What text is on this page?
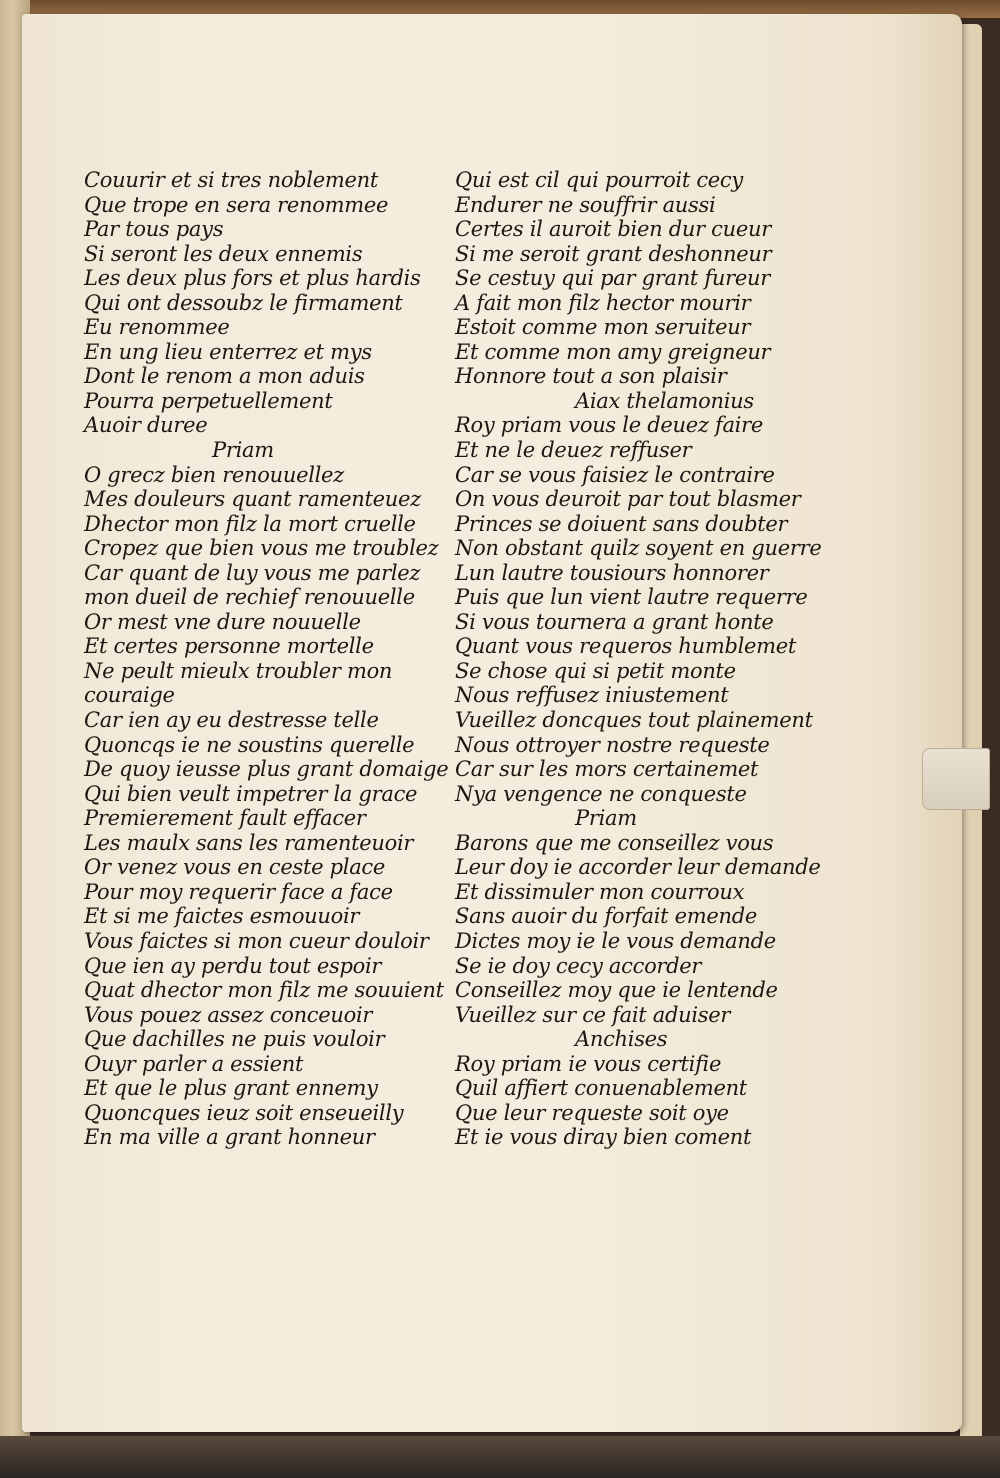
Couurir et si tres noblement
Que trope en sera renommee
Par tous pays
Si seront les deux ennemis
Les deux plus fors et plus hardis
Qui ont dessoubz le firmament
Eu renommee
En ung lieu enterrez et mys
Dont le renom a mon aduis
Pourra perpetuellement
Auoir duree
Priam
O grecz bien renouuellez
Mes douleurs quant ramenteuez
Dhector mon filz la mort cruelle
Cropez que bien vous me troublez
Car quant de luy vous me parlez
mon dueil de rechief renouuelle
Or mest vne dure nouuelle
Et certes personne mortelle
Ne peult mieulx troubler mon
couraige
Car ien ay eu destresse telle
Quoncqs ie ne soustins querelle
De quoy ieusse plus grant domaige
Qui bien veult impetrer la grace
Premierement fault effacer
Les maulx sans les ramenteuoir
Or venez vous en ceste place
Pour moy requerir face a face
Et si me faictes esmouuoir
Vous faictes si mon cueur douloir
Que ien ay perdu tout espoir
Quat dhector mon filz me souuient
Vous pouez assez conceuoir
Que dachilles ne puis vouloir
Ouyr parler a essient
Et que le plus grant ennemy
Quoncques ieuz soit enseueilly
En ma ville a grant honneur
Qui est cil qui pourroit cecy
Endurer ne souffrir aussi
Certes il auroit bien dur cueur
Si me seroit grant deshonneur
Se cestuy qui par grant fureur
A fait mon filz hector mourir
Estoit comme mon seruiteur
Et comme mon amy greigneur
Honnore tout a son plaisir
Aiax thelamonius
Roy priam vous le deuez faire
Et ne le deuez reffuser
Car se vous faisiez le contraire
On vous deuroit par tout blasmer
Princes se doiuent sans doubter
Non obstant quilz soyent en guerre
Lun lautre tousiours honnorer
Puis que lun vient lautre requerre
Si vous tournera a grant honte
Quant vous requeros humblemet
Se chose qui si petit monte
Nous reffusez iniustement
Vueillez doncques tout plainement
Nous ottroyer nostre requeste
Car sur les mors certainemet
Nya vengence ne conqueste
Priam
Barons que me conseillez vous
Leur doy ie accorder leur demande
Et dissimuler mon courroux
Sans auoir du forfait emende
Dictes moy ie le vous demande
Se ie doy cecy accorder
Conseillez moy que ie lentende
Vueillez sur ce fait aduiser
Anchises
Roy priam ie vous certifie
Quil affiert conuenablement
Que leur requeste soit oye
Et ie vous diray bien coment
